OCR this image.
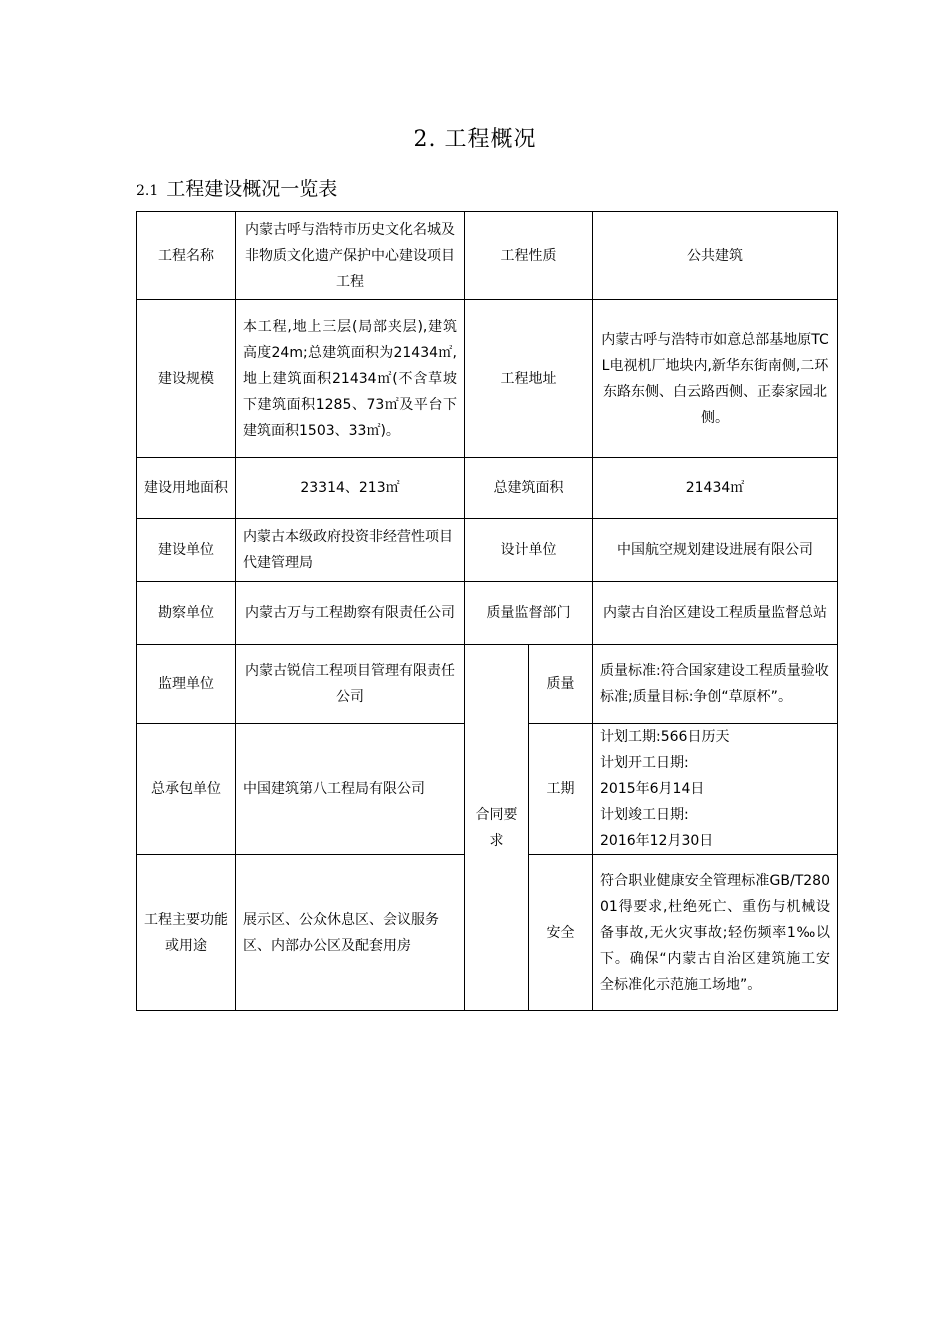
2. 工程概况
2.1 工程建设概况一览表
工程名称	内蒙古呼与浩特市历史文化名城及非物质文化遗产保护中心建设项目工程	工程性质		公共建筑
建设规模	本工程,地上三层(局部夹层),建筑高度24m;总建筑面积为21434㎡,地上建筑面积21434㎡(不含草坡下建筑面积1285、73㎡及平台下建筑面积1503、33㎡)。	工程地址		内蒙古呼与浩特市如意总部基地原TCL电视机厂地块内,新华东街南侧,二环东路东侧、白云路西侧、正泰家园北侧。
建设用地面积	23314、213㎡	总建筑面积		21434㎡
建设单位	内蒙古本级政府投资非经营性项目代建管理局	设计单位		中国航空规划建设进展有限公司
勘察单位	内蒙古万与工程勘察有限责任公司	质量监督部门		内蒙古自治区建设工程质量监督总站
监理单位	内蒙古锐信工程项目管理有限责任公司	合同要求	质量	质量标准:符合国家建设工程质量验收标准;质量目标:争创“草原杯”。
总承包单位	中国建筑第八工程局有限公司		工期	计划工期:566日历天
计划开工日期:
2015年6月14日
计划竣工日期:
2016年12月30日

工程主要功能或用途	展示区、公众休息区、会议服务区、内部办公区及配套用房		安全	符合职业健康安全管理标准GB/T28001得要求,杜绝死亡、重伤与机械设备事故,无火灾事故;轻伤频率1‰以下。确保“内蒙古自治区建筑施工安全标准化示范施工场地”。
